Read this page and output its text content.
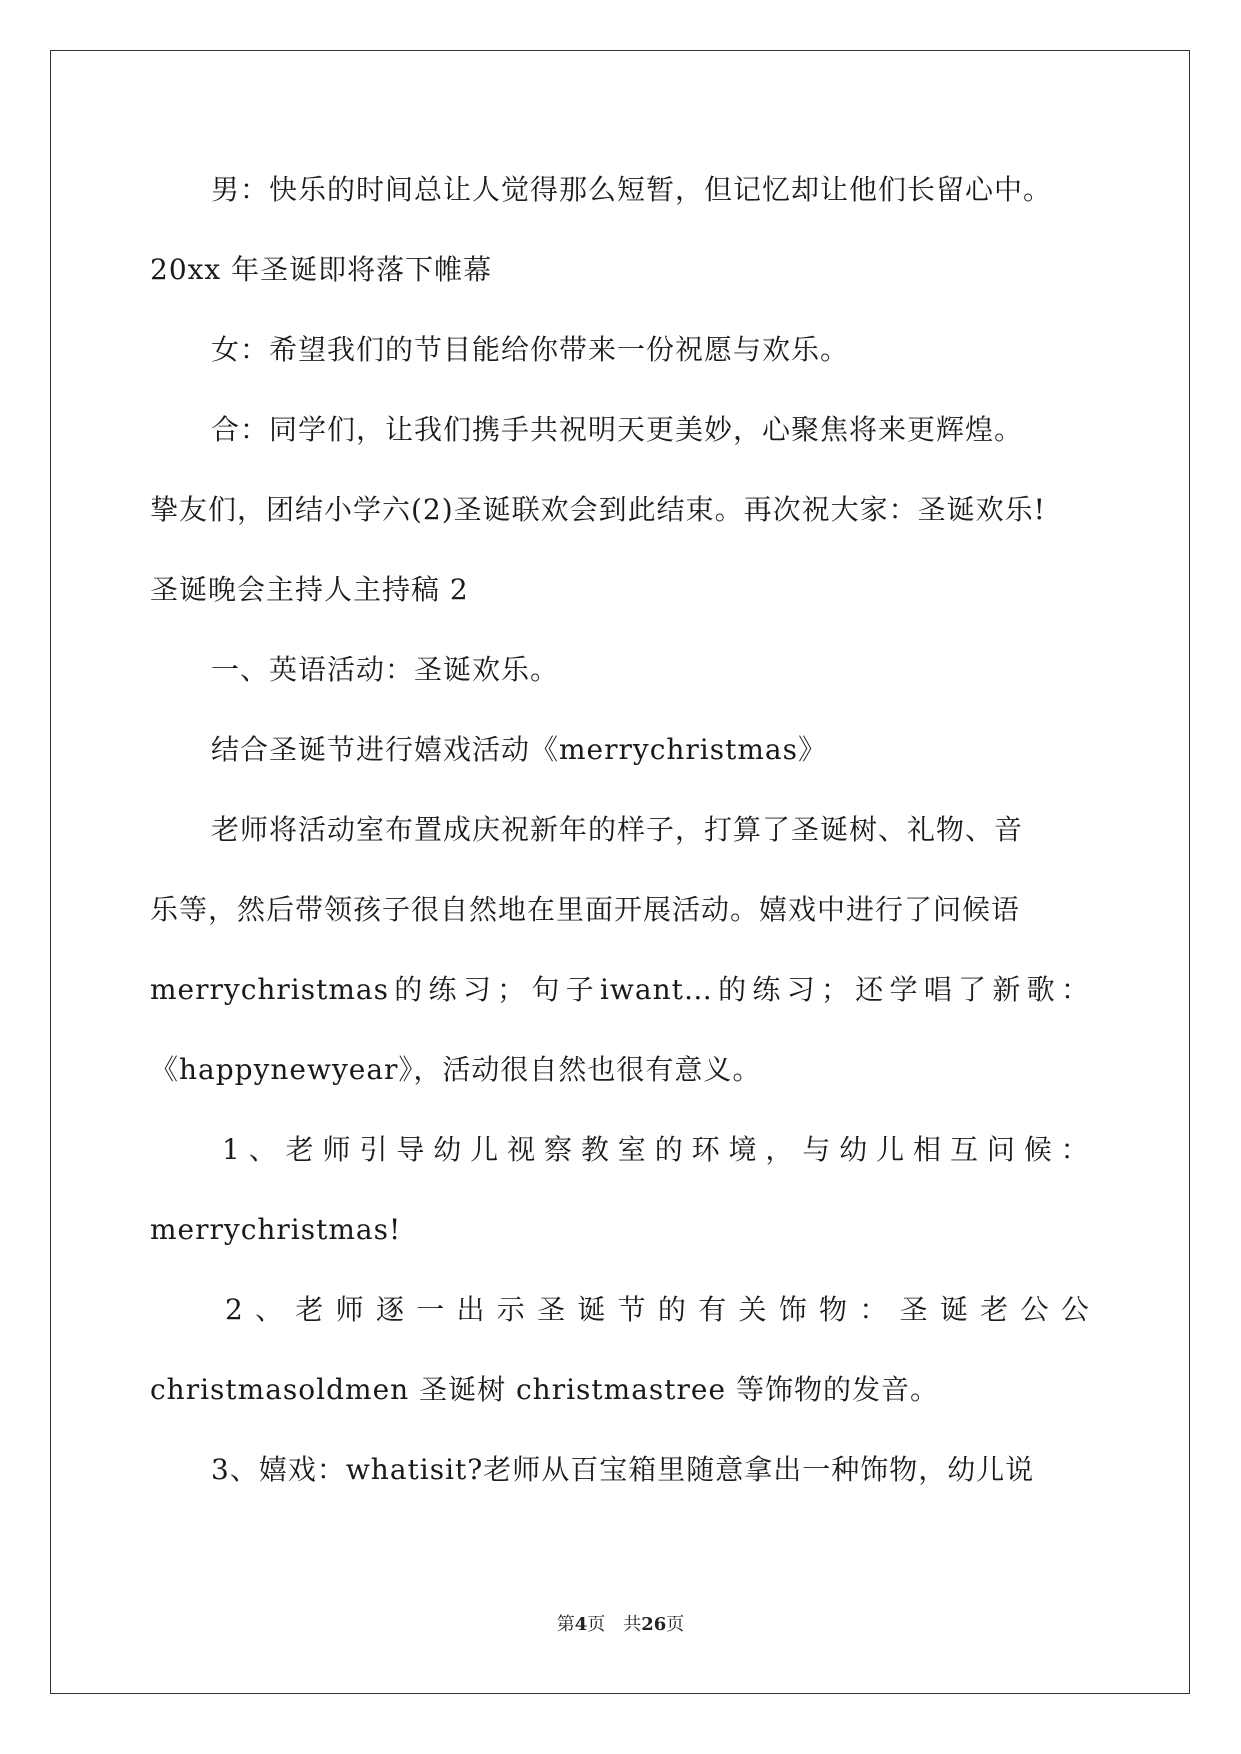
男：快乐的时间总让人觉得那么短暂，但记忆却让他们长留心中。
20xx 年圣诞即将落下帷幕
女：希望我们的节目能给你带来一份祝愿与欢乐。
合：同学们，让我们携手共祝明天更美妙，心聚焦将来更辉煌。
挚友们，团结小学六(2)圣诞联欢会到此结束。再次祝大家：圣诞欢乐!
圣诞晚会主持人主持稿 2
一、英语活动：圣诞欢乐。
结合圣诞节进行嬉戏活动《merrychristmas》
老师将活动室布置成庆祝新年的样子，打算了圣诞树、礼物、音
乐等，然后带领孩子很自然地在里面开展活动。嬉戏中进行了问候语
merrychristmas 的 练 习 ； 句 子 iwant… 的 练 习 ； 还 学 唱 了 新 歌 ：
《happynewyear》，活动很自然也很有意义。
1 、 老 师 引 导 幼 儿 视 察 教 室 的 环 境 ， 与 幼 儿 相 互 问 候 ：
merrychristmas!
2 、 老 师 逐 一 出 示 圣 诞 节 的 有 关 饰 物 ： 圣 诞 老 公 公
christmasoldmen 圣诞树 christmastree 等饰物的发音。
3、嬉戏：whatisit?老师从百宝箱里随意拿出一种饰物，幼儿说
第4页　共26页
